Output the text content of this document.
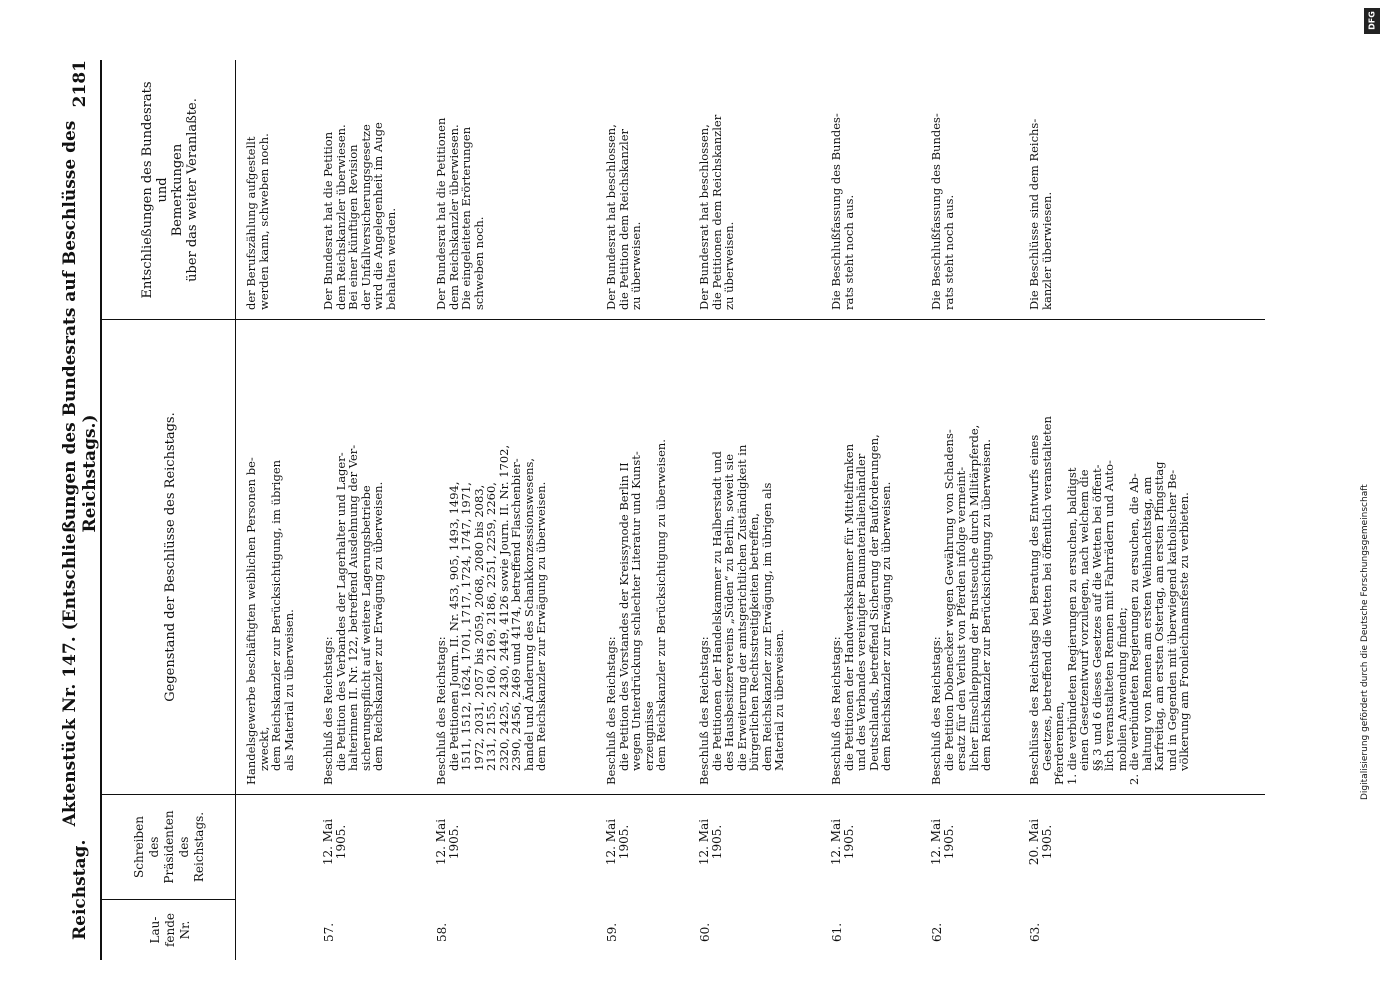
Reichstag.
Aktenstück Nr. 147. (Entschließungen des Bundesrats auf Beschlüsse des Reichstags.)
2181
Lau-
fende
Nr.
Schreiben
des
Präsidenten
des
Reichstags.
Gegenstand der Beschlüsse des Reichstags.
Entschließungen des Bundesrats
und
Bemerkungen
über das weiter Veranlaßte.
Handelsgewerbe beschäftigten weiblichen Personen be-
zweckt,
dem Reichskanzler zur Berücksichtigung, im übrigen
als Material zu überweisen.
der Berufszählung aufgestellt
werden kann, schweben noch.
57.
12. Mai
1905.
Beschluß des Reichstags:
die Petition des Verbandes der Lagerhalter und Lager-
halterinnen II. Nr. 122, betreffend Ausdehnung der Ver-
sicherungspflicht auf weitere Lagerungsbetriebe
dem Reichskanzler zur Erwägung zu überweisen.
Der Bundesrat hat die Petition
dem Reichskanzler überwiesen.
Bei einer künftigen Revision
der Unfallversicherungsgesetze
wird die Angelegenheit im Auge
behalten werden.
58.
12. Mai
1905.
Beschluß des Reichstags:
die Petitionen Journ. II. Nr. 453, 905, 1493, 1494,
1511, 1512, 1624, 1701, 1717, 1724, 1747, 1971,
1972, 2031, 2057 bis 2059, 2068, 2080 bis 2083,
2131, 2155, 2160, 2169, 2186, 2251, 2259, 2260,
2320, 2425, 2430, 2449, 4126 sowie Journ. II. Nr. 1702,
2390, 2456, 2469 und 4174, betreffend Flaschenbier-
handel und Änderung des Schankkonzessionswesens,
dem Reichskanzler zur Erwägung zu überweisen.
Der Bundesrat hat die Petitionen
dem Reichskanzler überwiesen.
Die eingeleiteten Erörterungen
schweben noch.
59.
12. Mai
1905.
Beschluß des Reichstags:
die Petition des Vorstandes der Kreissynode Berlin II
wegen Unterdrückung schlechter Literatur und Kunst-
erzeugnisse
dem Reichskanzler zur Berücksichtigung zu überweisen.
Der Bundesrat hat beschlossen,
die Petition dem Reichskanzler
zu überweisen.
60.
12. Mai
1905.
Beschluß des Reichstags:
die Petitionen der Handelskammer zu Halberstadt und
des Hausbesitzervereins „Süden“ zu Berlin, soweit sie
die Erweiterung der amtsgerichtlichen Zuständigkeit in
bürgerlichen Rechtsstreitigkeiten betreffen,
dem Reichskanzler zur Erwägung, im übrigen als
Material zu überweisen.
Der Bundesrat hat beschlossen,
die Petitionen dem Reichskanzler
zu überweisen.
61.
12. Mai
1905.
Beschluß des Reichstags:
die Petitionen der Handwerkskammer für Mittelfranken
und des Verbandes vereinigter Baumaterialienhändler
Deutschlands, betreffend Sicherung der Bauforderungen,
dem Reichskanzler zur Erwägung zu überweisen.
Die Beschlußfassung des Bundes-
rats steht noch aus.
62.
12. Mai
1905.
Beschluß des Reichstags:
die Petition Dobenecker wegen Gewährung von Schadens-
ersatz für den Verlust von Pferden infolge vermeint-
licher Einschleppung der Brustseuche durch Militärpferde,
dem Reichskanzler zur Berücksichtigung zu überweisen.
Die Beschlußfassung des Bundes-
rats steht noch aus.
63.
20. Mai
1905.
Beschlüsse des Reichstags bei Beratung des Entwurfs eines
Gesetzes, betreffend die Wetten bei öffentlich veranstalteten
Pferderennen,
1. die verbündeten Regierungen zu ersuchen, baldigst
einen Gesetzentwurf vorzulegen, nach welchem die
§§ 3 und 6 dieses Gesetzes auf die Wetten bei öffent-
lich veranstalteten Rennen mit Fahrrädern und Auto-
mobilen Anwendung finden;
2. die verbündeten Regierungen zu ersuchen, die Ab-
haltung von Rennen am ersten Weihnachtstag, am
Karfreitag, am ersten Ostertag, am ersten Pfingsttag
und in Gegenden mit überwiegend katholischer Be-
völkerung am Fronleichnamsfeste zu verbieten.
Die Beschlüsse sind dem Reichs-
kanzler überwiesen.
Digitalisierung gefördert durch die Deutsche Forschungsgemeinschaft
DFG
